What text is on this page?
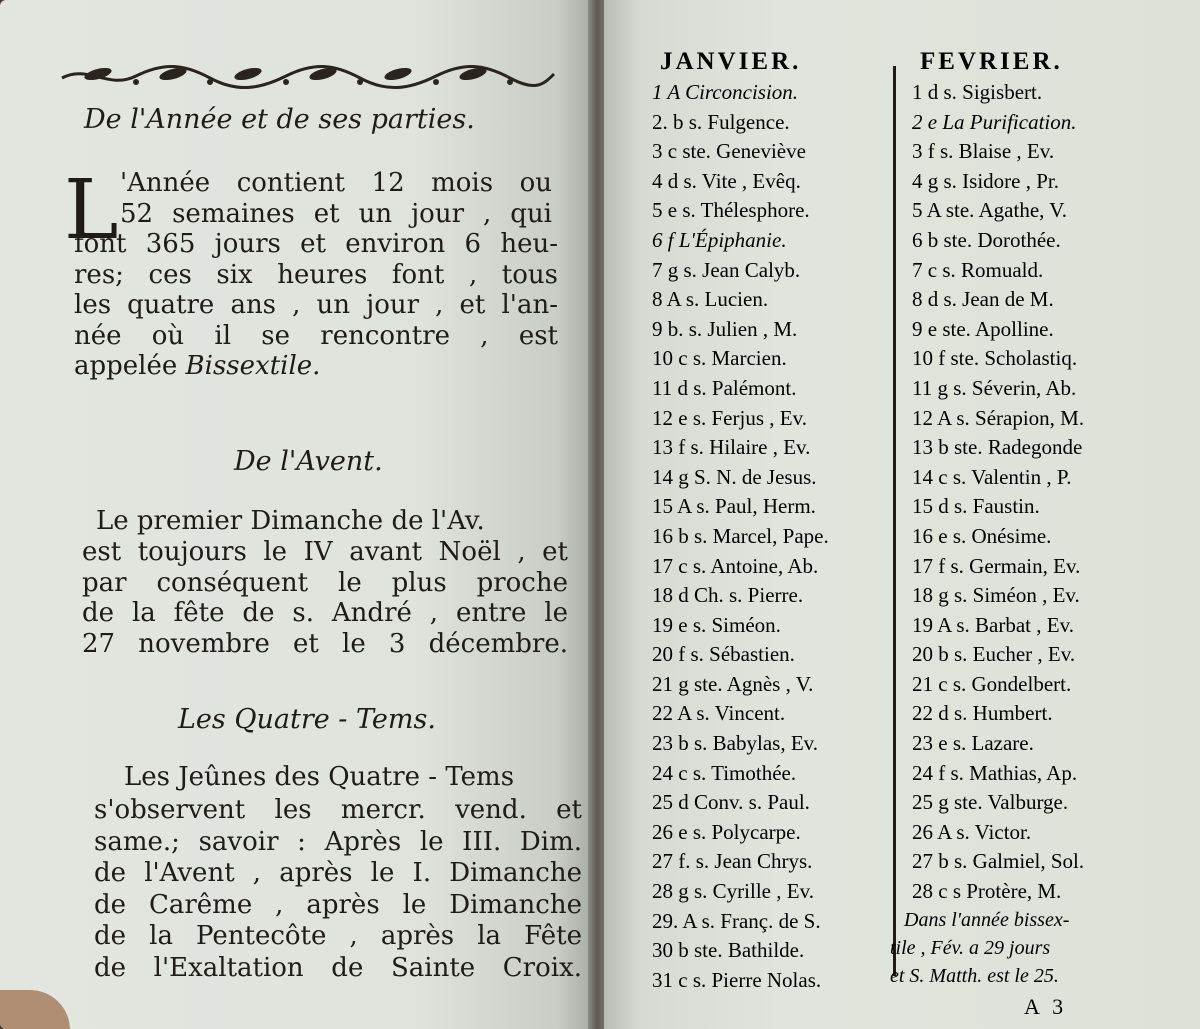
De l'Année et de ses parties.
L 'Année contient 12 mois ou
52 semaines et un jour , qui
font 365 jours et environ 6 heu-
res; ces six heures font , tous
les quatre ans , un jour , et l'an-
née où il se rencontre , est
appelée Bissextile.
De l'Avent.
Le premier Dimanche de l'Av.
est toujours le IV avant Noël , et
par conséquent le plus proche
de la fête de s. André , entre le
27 novembre et le 3 décembre.
Les Quatre - Tems.
Les Jeûnes des Quatre - Tems
s'observent les mercr. vend. et
same.; savoir : Après le III. Dim.
de l'Avent , après le I. Dimanche
de Carême , après le Dimanche
de la Pentecôte , après la Fête
de l'Exaltation de Sainte Croix.
JANVIER.
1 A Circoncision.
2. b s. Fulgence.
3 c ste. Geneviève
4 d s. Vite , Evêq.
5 e s. Thélesphore.
6 f L'Épiphanie.
7 g s. Jean Calyb.
8 A s. Lucien.
9 b. s. Julien , M.
10 c s. Marcien.
11 d s. Palémont.
12 e s. Ferjus , Ev.
13 f s. Hilaire , Ev.
14 g S. N. de Jesus.
15 A s. Paul, Herm.
16 b s. Marcel, Pape.
17 c s. Antoine, Ab.
18 d Ch. s. Pierre.
19 e s. Siméon.
20 f s. Sébastien.
21 g ste. Agnès , V.
22 A s. Vincent.
23 b s. Babylas, Ev.
24 c s. Timothée.
25 d Conv. s. Paul.
26 e s. Polycarpe.
27 f. s. Jean Chrys.
28 g s. Cyrille , Ev.
29. A s. Franç. de S.
30 b ste. Bathilde.
31 c s. Pierre Nolas.
FEVRIER.
1 d s. Sigisbert.
2 e La Purification.
3 f s. Blaise , Ev.
4 g s. Isidore , Pr.
5 A ste. Agathe, V.
6 b ste. Dorothée.
7 c s. Romuald.
8 d s. Jean de M.
9 e ste. Apolline.
10 f ste. Scholastiq.
11 g s. Séverin, Ab.
12 A s. Sérapion, M.
13 b ste. Radegonde
14 c s. Valentin , P.
15 d s. Faustin.
16 e s. Onésime.
17 f s. Germain, Ev.
18 g s. Siméon , Ev.
19 A s. Barbat , Ev.
20 b s. Eucher , Ev.
21 c s. Gondelbert.
22 d s. Humbert.
23 e s. Lazare.
24 f s. Mathias, Ap.
25 g ste. Valburge.
26 A s. Victor.
27 b s. Galmiel, Sol.
28 c s Protère, M.
Dans l'année bissex-
tile , Fév. a 29 jours
et S. Matth. est le 25.
A 3
